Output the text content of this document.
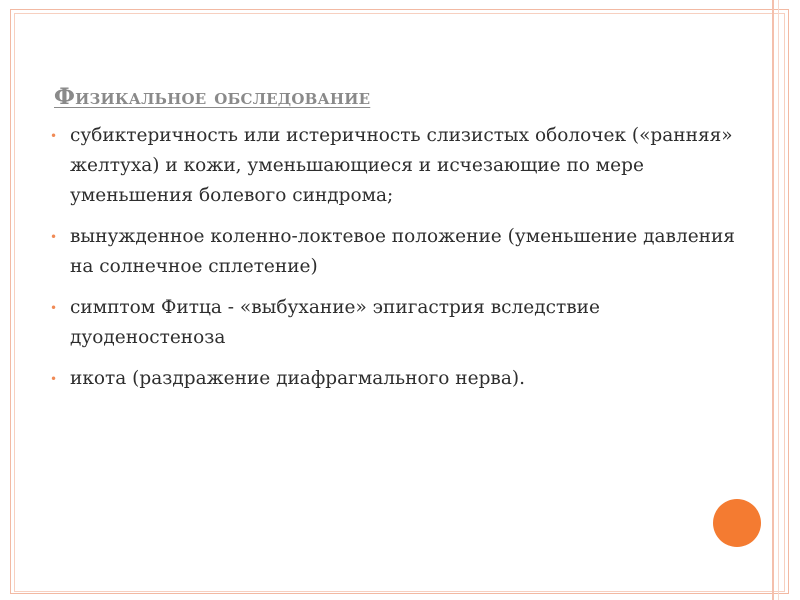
Физикальное обследование
• субиктеричность или истеричность слизистых оболочек («ранняя» желтуха) и кожи, уменьшающиеся и исчезающие по мере уменьшения болевого синдрома;
• вынужденное коленно-локтевое положение (уменьшение давления на солнечное сплетение)
• симптом Фитца - «выбухание» эпигастрия вследствие дуоденостеноза
• икота (раздражение диафрагмального нерва).
